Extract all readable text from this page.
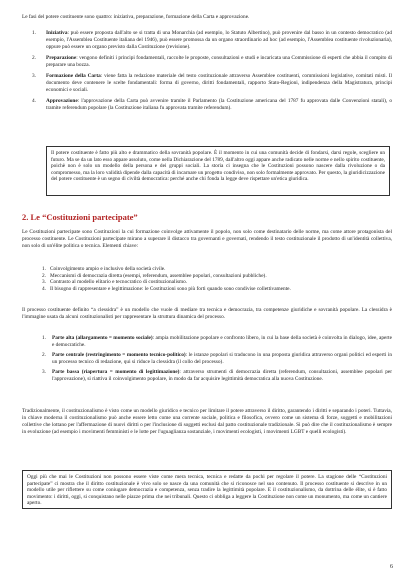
Le fasi del potere costituente sono quattro: iniziativa, preparazione, formazione della Carta e approvazione.

1. Iniziativa: può essere proposta dall'alto se si tratta di una Monarchia (ad esempio, lo Statuto Albertino), può provenire dal basso in un contesto democratico (ad esempio, l'Assemblea Costituente italiana del 1946), può essere promossa da un organo straordinario ad hoc (ad esempio, l'Assemblea costituente rivoluzionaria), oppure può essere un organo previsto dalla Costituzione (revisione).
2. Preparazione: vengono definiti i principi fondamentali, raccolte le proposte, consultazioni e studi e incaricata una Commissione di esperti che abbia il compito di preparare una bozza.
3. Formazione della Carta: viene fatta la redazione materiale del testo costituzionale attraverso Assemblee costituenti, commissioni legislative, comitati misti. Il documento deve contenere le scelte fondamentali: forma di governo, diritti fondamentali, rapporto Stato-Regioni, indipendenza della Magistratura, principi economici e sociali.
4. Approvazione: l'approvazione della Carta può avvenire tramite il Parlamento (la Costituzione americana del 1787 fu approvata dalle Convenzioni statali), o tramite referendum popolare (la Costituzione italiana fu approvata tramite referendum).
Il potere costituente è fatto più alto e drammatico della sovranità popolare. È il momento in cui una comunità decide di fondarsi, darsi regole, scegliere un futuro. Ma se da un lato esso appare assoluto, come nella Dichiarazione del 1789, dall'altro oggi appare anche radicato nelle norme e nello spirito costituente, poichè non è solo un modello della persona e dei gruppi sociali. La storia ci insegna che le Costituzioni possono nascere dalla rivoluzione o da compromesso, ma la loro validità dipende dalla capacità di incarnare un progetto condiviso, non solo formalmente approvato. Per questo, la giuridicizzazione del potere costituente è un segno di civiltà democratica: perché anche chi fonda la legge deve rispettare un'etica giuridica.
2. Le “Costituzioni partecipate”

Le Costituzioni partecipate sono Costituzioni la cui formazione coinvolge attivamente il popolo, non solo come destinatario delle norme, ma come attore protagonista del processo costituente. Le Costituzioni partecipate mirano a superare il distacco tra governanti e governati, rendendo il testo costituzionale il prodotto di un'identità collettiva, non solo di un'élite politica o tecnica. Elementi chiave:

1. Coinvolgimento ampio e inclusivo della società civile.
2. Meccanismi di democrazia diretta (esempi, referendum, assemblee popolari, consultazioni pubbliche).
3. Contrasto al modello elitario e tecnocratico di costituzionalismo.
4. Il bisogno di rappresentare e legittimazione: le Costituzioni sono più forti quando sono condivise collettivamente.

Il processo costituente definito “a clessidra” è un modello che vuole di mediare tra tecnica e democrazia, tra competenze giuridiche e sovranità popolare. La clessidra è l'immagine usata da alcuni costituzionalisti per rappresentare la struttura dinamica del processo.

1. Parte alta (allargamento = momento sociale): ampia mobilitazione popolare e confronto libero, in cui la base della società è coinvolta in dialogo, idee, aperte e democratiche.
2. Parte centrale (restringimento = momento tecnico-politico): le istanze popolari si traducono in una proposta giuridica attraverso organi politici ed esperti in un processo tecnico di redazione, qui si riduce la clessidra (il collo del processo).
3. Parte bassa (riapertura = momento di legittimazione): attraverso strumenti di democrazia diretta (referendum, consultazioni, assemblee popolari per l'approvazione), si riattiva il coinvolgimento popolare, in modo da far acquisire legittimità democratica alla nuova Costituzione.

Tradizionalmente, il costituzionalismo è visto come un modello giuridico e tecnico per limitare il potere attraverso il diritto, garantendo i diritti e separando i poteri. Tuttavia, in chiave moderna il costituzionalismo può anche essere letto come una corrente sociale, politica e filosofica, ovvero come un sistema di forze, soggetti e mobilitazioni collettive che lottano per l'affermazione di nuovi diritti o per l'inclusione di soggetti esclusi dal patto costituzionale tradizionale. Si può dire che il costituzionalismo è sempre in evoluzione (ad esempio i movimenti femministi e le lotte per l'uguaglianza sostanziale, i movimenti ecologisti, i movimenti LGBT e quelli ecologisti).

Oggi più che mai le Costituzioni non possono essere viste come mera tecnica, tecnica e redatte da pochi per regolare il potere. La stagione delle “Costituzioni partecipate” ci mostra che il diritto costituzionale è vivo solo se nasce da una comunità che si riconosce nel suo contenuto. Il processo costituente si descrive in un modello utile per riflettere su come coniugare democrazia e competenza, senza tradire la legittimità popolare. E il costituzionalismo, da dottrina delle élite, si è fatto movimento: i diritti, oggi, si conquistano nelle piazze prima che nei tribunali. Questo ci obbliga a leggere la Costituzione non come un monumento, ma come un cantiere aperto.
6
